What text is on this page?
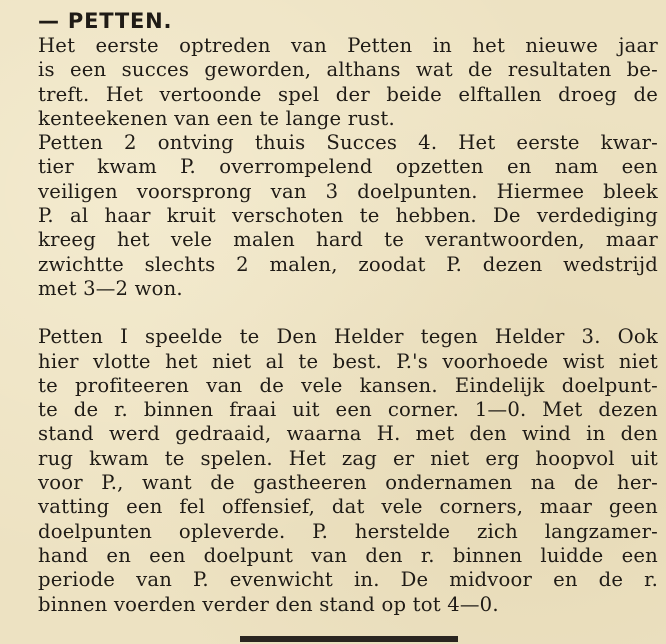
— PETTEN.
Het eerste optreden van Petten in het nieuwe jaar
is een succes geworden, althans wat de resultaten be-
treft. Het vertoonde spel der beide elftallen droeg de
kenteekenen van een te lange rust.
Petten 2 ontving thuis Succes 4. Het eerste kwar-
tier kwam P. overrompelend opzetten en nam een
veiligen voorsprong van 3 doelpunten. Hiermee bleek
P. al haar kruit verschoten te hebben. De verdediging
kreeg het vele malen hard te verantwoorden, maar
zwichtte slechts 2 malen, zoodat P. dezen wedstrijd
met 3—2 won.
Petten I speelde te Den Helder tegen Helder 3. Ook
hier vlotte het niet al te best. P.'s voorhoede wist niet
te profiteeren van de vele kansen. Eindelijk doelpunt-
te de r. binnen fraai uit een corner. 1—0. Met dezen
stand werd gedraaid, waarna H. met den wind in den
rug kwam te spelen. Het zag er niet erg hoopvol uit
voor P., want de gastheeren ondernamen na de her-
vatting een fel offensief, dat vele corners, maar geen
doelpunten opleverde. P. herstelde zich langzamer-
hand en een doelpunt van den r. binnen luidde een
periode van P. evenwicht in. De midvoor en de r.
binnen voerden verder den stand op tot 4—0.
